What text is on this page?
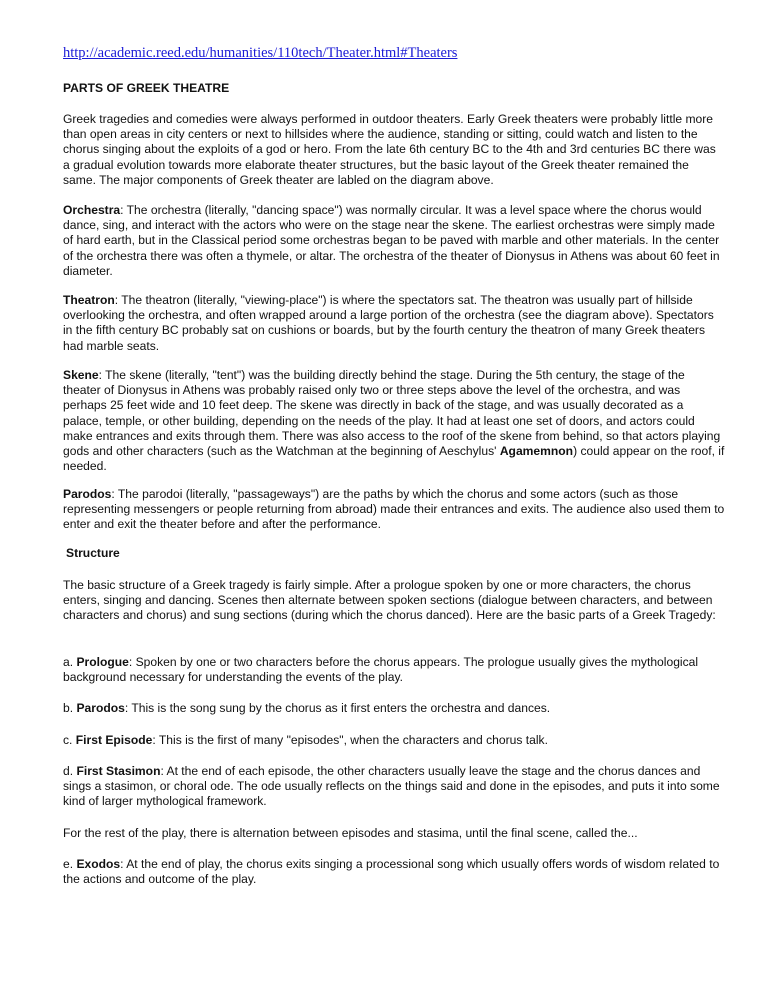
http://academic.reed.edu/humanities/110tech/Theater.html#Theaters
PARTS OF GREEK THEATRE

Greek tragedies and comedies were always performed in outdoor theaters. Early Greek theaters were probably little more than open areas in city centers or next to hillsides where the audience, standing or sitting, could watch and listen to the chorus singing about the exploits of a god or hero. From the late 6th century BC to the 4th and 3rd centuries BC there was a gradual evolution towards more elaborate theater structures, but the basic layout of the Greek theater remained the same. The major components of Greek theater are labled on the diagram above.

Orchestra: The orchestra (literally, "dancing space") was normally circular. It was a level space where the chorus would dance, sing, and interact with the actors who were on the stage near the skene. The earliest orchestras were simply made of hard earth, but in the Classical period some orchestras began to be paved with marble and other materials. In the center of the orchestra there was often a thymele, or altar. The orchestra of the theater of Dionysus in Athens was about 60 feet in diameter.

Theatron: The theatron (literally, "viewing-place") is where the spectators sat. The theatron was usually part of hillside overlooking the orchestra, and often wrapped around a large portion of the orchestra (see the diagram above). Spectators in the fifth century BC probably sat on cushions or boards, but by the fourth century the theatron of many Greek theaters had marble seats.

Skene: The skene (literally, "tent") was the building directly behind the stage. During the 5th century, the stage of the theater of Dionysus in Athens was probably raised only two or three steps above the level of the orchestra, and was perhaps 25 feet wide and 10 feet deep. The skene was directly in back of the stage, and was usually decorated as a palace, temple, or other building, depending on the needs of the play. It had at least one set of doors, and actors could make entrances and exits through them. There was also access to the roof of the skene from behind, so that actors playing gods and other characters (such as the Watchman at the beginning of Aeschylus' Agamemnon) could appear on the roof, if needed.

Parodos: The parodoi (literally, "passageways") are the paths by which the chorus and some actors (such as those representing messengers or people returning from abroad) made their entrances and exits. The audience also used them to enter and exit the theater before and after the performance.

Structure

The basic structure of a Greek tragedy is fairly simple. After a prologue spoken by one or more characters, the chorus enters, singing and dancing. Scenes then alternate between spoken sections (dialogue between characters, and between characters and chorus) and sung sections (during which the chorus danced). Here are the basic parts of a Greek Tragedy:

a. Prologue: Spoken by one or two characters before the chorus appears. The prologue usually gives the mythological background necessary for understanding the events of the play.

b. Parodos: This is the song sung by the chorus as it first enters the orchestra and dances.

c. First Episode: This is the first of many "episodes", when the characters and chorus talk.

d. First Stasimon: At the end of each episode, the other characters usually leave the stage and the chorus dances and sings a stasimon, or choral ode. The ode usually reflects on the things said and done in the episodes, and puts it into some kind of larger mythological framework.

For the rest of the play, there is alternation between episodes and stasima, until the final scene, called the...

e. Exodos: At the end of play, the chorus exits singing a processional song which usually offers words of wisdom related to the actions and outcome of the play.
